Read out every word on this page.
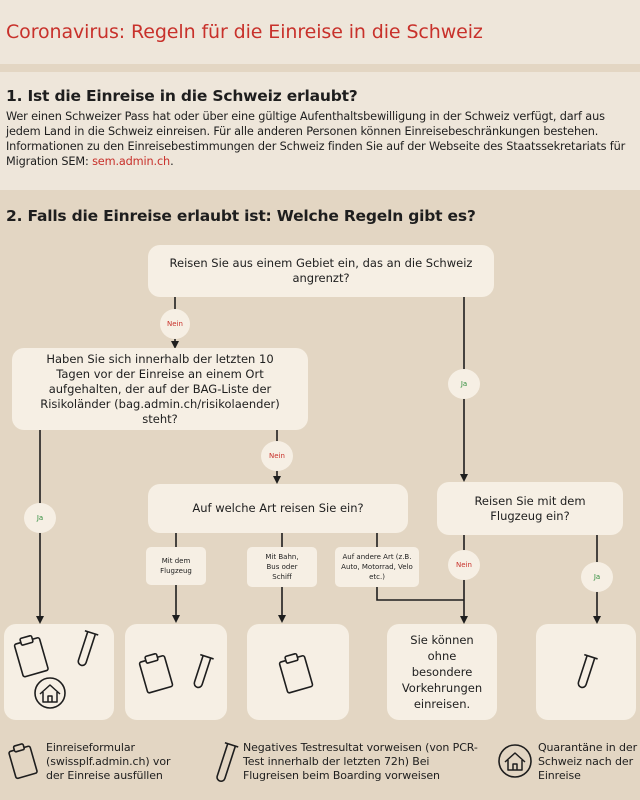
Coronavirus: Regeln für die Einreise in die Schweiz
1. Ist die Einreise in die Schweiz erlaubt?
Wer einen Schweizer Pass hat oder über eine gültige Aufenthaltsbewilligung in der Schweiz verfügt, darf aus jedem Land in die Schweiz einreisen. Für alle anderen Personen können Einreisebeschränkungen bestehen. Informationen zu den Einreisebestimmungen der Schweiz finden Sie auf der Webseite des Staatssekretariats für Migration SEM: sem.admin.ch.
2. Falls die Einreise erlaubt ist: Welche Regeln gibt es?
Reisen Sie aus einem Gebiet ein, das an die Schweiz angrenzt?
Haben Sie sich innerhalb der letzten 10 Tagen vor der Einreise an einem Ort aufgehalten, der auf der BAG-Liste der Risikoländer (bag.admin.ch/risikolaender) steht?
Auf welche Art reisen Sie ein?
Reisen Sie mit dem Flugzeug ein?
Nein
Ja
Nein
Ja
Nein
Ja
Mit dem Flugzeug
Mit Bahn, Bus oder Schiff
Auf andere Art (z.B. Auto, Motorrad, Velo etc.)
Sie können ohne besondere Vorkehrungen einreisen.
Einreiseformular (swissplf.admin.ch) vor der Einreise ausfüllen
Negatives Testresultat vorweisen (von PCR-Test innerhalb der letzten 72h) Bei Flugreisen beim Boarding vorweisen
Quarantäne in der Schweiz nach der Einreise
